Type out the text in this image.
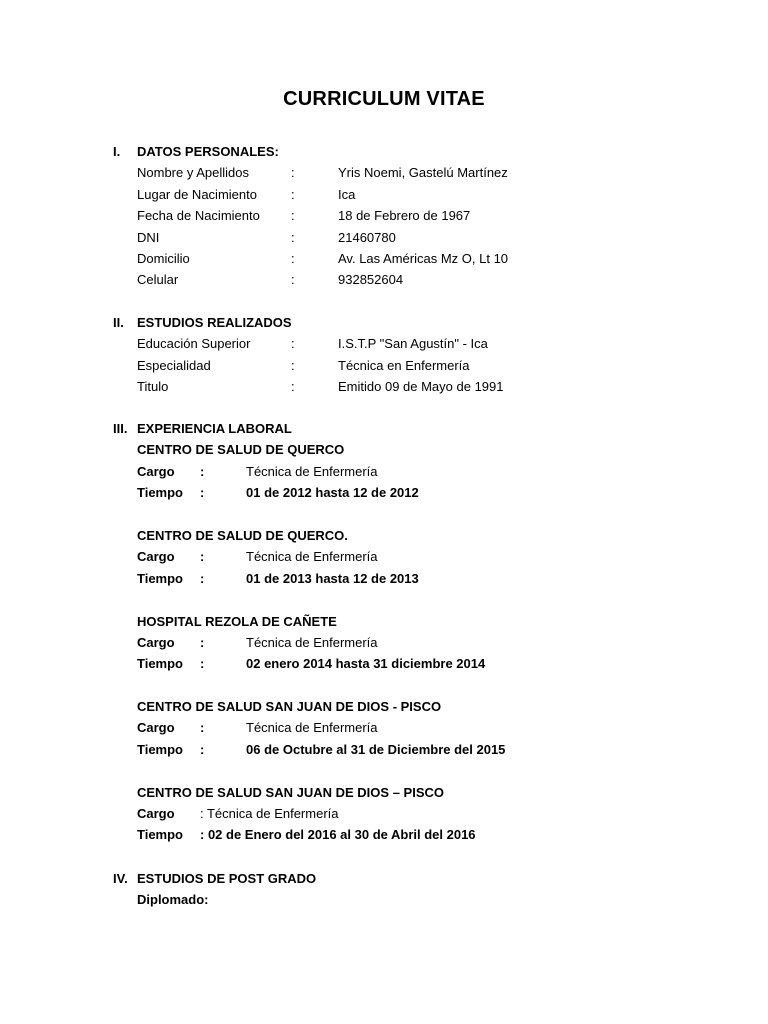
CURRICULUM VITAE
I. DATOS PERSONALES:
Nombre y Apellidos	:	Yris Noemi, Gastelú Martínez
Lugar de Nacimiento	:	Ica
Fecha de Nacimiento :	18 de Febrero de 1967
DNI	:	21460780
Domicilio	:	Av. Las Américas Mz O, Lt 10
Celular	:	932852604
II. ESTUDIOS REALIZADOS
Educación Superior	:	I.S.T.P "San Agustín" - Ica
Especialidad	:	Técnica en Enfermería
Titulo	:	Emitido 09 de Mayo de 1991
III. EXPERIENCIA LABORAL
CENTRO DE SALUD DE QUERCO
Cargo :	Técnica de Enfermería
Tiempo :	01 de 2012 hasta 12 de 2012
CENTRO DE SALUD DE QUERCO.
Cargo :	Técnica de Enfermería
Tiempo :	01 de 2013 hasta 12 de 2013
HOSPITAL REZOLA DE CAÑETE
Cargo :	Técnica de Enfermería
Tiempo :	02 enero 2014 hasta 31 diciembre 2014
CENTRO DE SALUD SAN JUAN DE DIOS - PISCO
Cargo :	Técnica de Enfermería
Tiempo :	06 de Octubre al 31 de Diciembre del 2015
CENTRO DE SALUD SAN JUAN DE DIOS – PISCO
Cargo : Técnica de Enfermería
Tiempo : 02 de Enero del 2016 al 30 de Abril del 2016
IV. ESTUDIOS DE POST GRADO
Diplomado:
